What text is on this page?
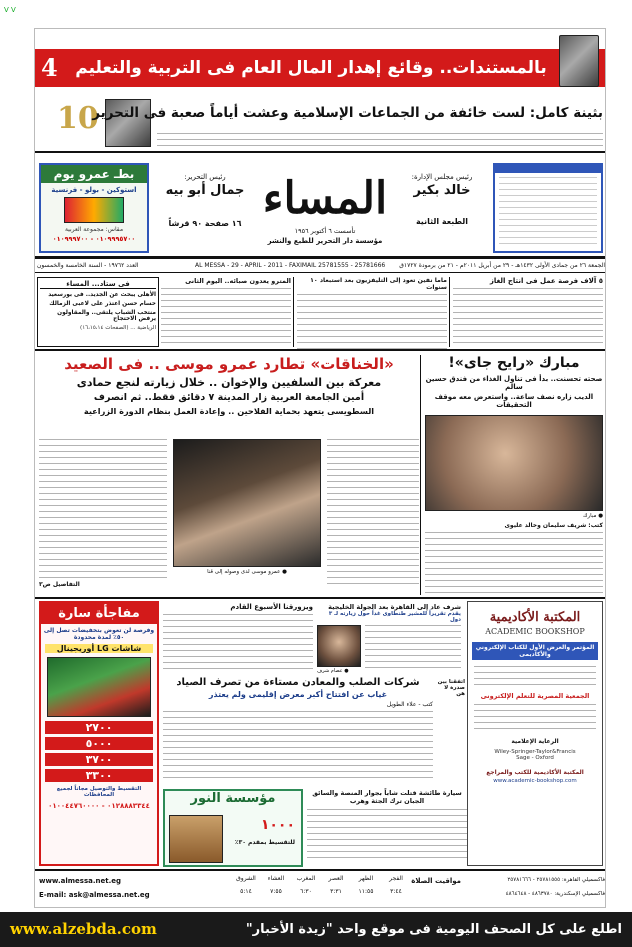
V V
4 بالمستندات.. وقائع إهدار المال العام فى التربية والتعليم
10
بثينة كامل: لست خائفة من الجماعات الإسلامية وعشت أياماً صعبة فى التحرير
بطـ عمرو يوم
استوكين - بولو - فرنسية
مقاس: مجموعة العربية
٠١٠٩٩٩٥٧٠٠ - ٠١٠٩٩٩٧٠٠
رئيس التحرير:
جمال أبو بيه المساء	رئيس مجلس الإدارة:
خالد بكير
الطبعة الثانية
تأسست ٦ أكتوبر ١٩٥٦
مؤسسة دار التحرير للطبع والنشر
١٦ صفحة ٩٠ قرشاً
الجمعة ٢٦ من جمادى الأولى ١٤٣٢هـ - ٢٩ من أبريل ٢٠١١م - ٢١ من برمودة ١٧٢٧ق
AL MESSA - 29 - APRIL - 2011 - FAXIMAIL 25781555 - 25781666
العدد ١٩٧٦٢ - السنة الخامسة والخمسون
٥ آلاف فرصة عمل فى انتاج الغاز
ماما نفين تعود إلى التليفزيون بعد استبعاد ١٠ سنوات
المترو يعدون صبائه.. اليوم الثانى
فى ستاد... المساء
الأهلى يبحث عن الجديد.. فى بورسعيد
حسام حسن اعتذر على لاعبى الزمالك
منتخب الشباب يلتقى.. والمقاولون يرفض الاحتجاج
الرياضية ... (الصفحات ١٦،١٥،١٤)
مبارك «رايح جاى»!
صحته تحسنت.. بدأ فى تناول الغذاء من فندق حسين سالم
الديب زاره نصف ساعة.. واستعرض معه موقف التحقيقات
● مبارك
كتب: شريف سليمان وخالد عليوى
«الخناقات» تطارد عمرو موسى .. فى الصعيد
معركة بين السلفيين والإخوان .. خلال زيارته لنجع حمادى
أمين الجامعة العربية زار المدينة ٧ دقائق فقط.. ثم انصرف
السطويسى يتعهد بحماية الفلاحين .. وإعادة العمل بنظام الدورة الزراعية
● عمرو موسى لدى وصوله إلى قنا
التفاصيل ص٣
مفاجأة سارة
وفرصة لن تعوض بتخفيضات تصل إلى ٥٠٪ لمدة محدودة
شاشات LG أوريجينال
٢٧٠٠
٥٠٠٠
٣٧٠٠
٣٣٠٠
التقسيط والتوصيل مجاناً لجميع المحافظات
٠١٢٨٨٨٣٣٤٤ - ٠١٠٠٤٤٧٦٠٠٠٠
ويزورقنا الأسبوع القادم
شركات الصلب والمعادن مستاءة من تصرف الصياد
غياب عن افتتاح أكبر معرض إقليمى ولم يعتذر
كتب - علاء الطويل
مؤسسة النور
١٠٠٠
للتقسيط بمقدم ٣٠٪
شرف عاد إلى القاهرة بعد الجولة الخليجية
يقدم تقريراً للمشير طنطاوى غداً حول زيارته لـ ٣ دول
● عصام شرف
اتفقنا بين صدرة لا هن
سيارة طائشة قتلت شاباً بجوار المنصة والسائق الجبان ترك الجثة وهرب
المكتبة الأكاديمية
ACADEMIC BOOKSHOP
المؤتمر والعرض الأول للكتاب الإلكتروني والأكاديمى
الجمعية المصرية للتعلم الإلكترونى
الرعاية الإعلامية
Wiley-Springer-Taylor&Francis
Sage - Oxford
المكتبة الأكاديمية للكتب والمراجع
www.academic-bookshop.com
www.almessa.net.eg
E-mail: ask@almessa.net.eg
مواقيت الصلاة
الفجرالظهرالعصرالمغربالعشاءالشروق
٣:٤٤١١:٥٥٣:٣١٦:٣٠٧:٥٥٥:١٤
فاكسميلي القاهرة: ٢٥٧٨١٥٥٥ - ٢٥٧٨١٦٦٦
فاكسميلي الإسكندرية: ٤٨٦٣٧٨٠ - ٤٨٦٤٦٤٨
اطلع على كل الصحف اليومية فى موقع واحد "زيدة الأخبار"
www.alzebda.com
